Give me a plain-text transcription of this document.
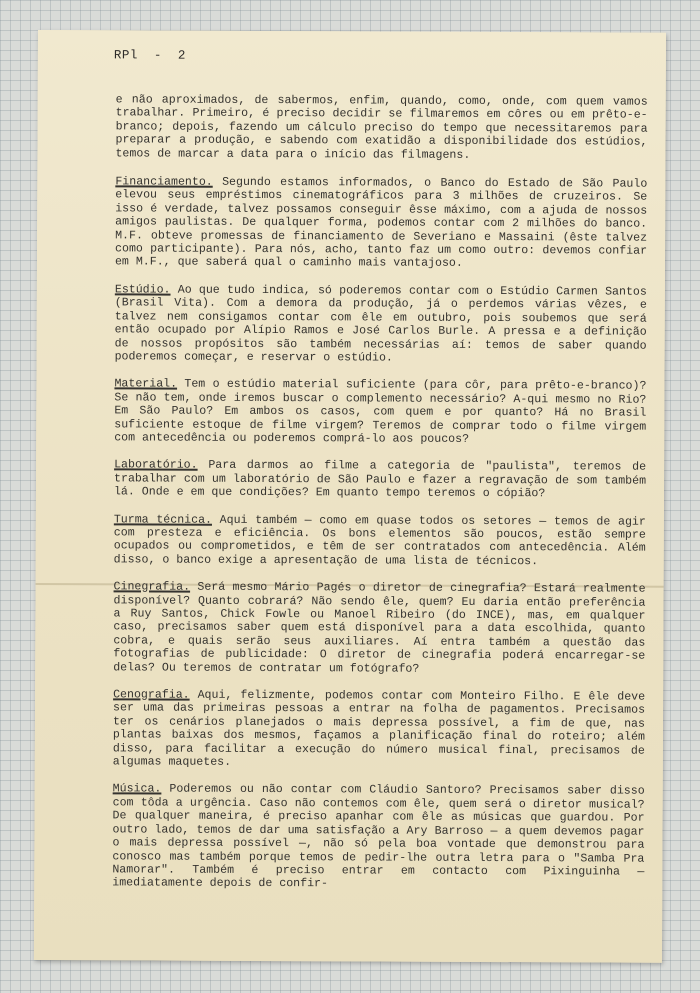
RPl  -  2

e não aproximados, de sabermos, enfim, quando, como, onde, com quem vamos trabalhar. Primeiro, é preciso decidir se filmaremos em côres ou em prêto-e-branco; depois, fazendo um cálculo preciso do tempo que necessitaremos para preparar a produção, e sabendo com exatidão a disponibilidade dos estúdios, temos de marcar a data para o início das filmagens.

Financiamento. Segundo estamos informados, o Banco do Estado de São Paulo elevou seus empréstimos cinematográficos para 3 milhões de cruzeiros. Se isso é verdade, talvez possamos conseguir êsse máximo, com a ajuda de nossos amigos paulistas. De qualquer forma, podemos contar com 2 milhões do banco. M.F. obteve promessas de financiamento de Severiano e Massaini (êste talvez como participante). Para nós, acho, tanto faz um como outro: devemos confiar em M.F., que saberá qual o caminho mais vantajoso.

Estúdio. Ao que tudo indica, só poderemos contar com o Estúdio Carmen Santos (Brasil Vita). Com a demora da produção, já o perdemos várias vêzes, e talvez nem consigamos contar com êle em outubro, pois soubemos que será então ocupado por Alípio Ramos e José Carlos Burle. A pressa e a definição de nossos propósitos são também necessárias aí: temos de saber quando poderemos começar, e reservar o estúdio.

Material. Tem o estúdio material suficiente (para côr, para prêto-e-branco)? Se não tem, onde iremos buscar o complemento necessário? A-qui mesmo no Rio? Em São Paulo? Em ambos os casos, com quem e por quanto? Há no Brasil suficiente estoque de filme virgem? Teremos de comprar todo o filme virgem com antecedência ou poderemos comprá-lo aos poucos?

Laboratório. Para darmos ao filme a categoria de "paulista", teremos de trabalhar com um laboratório de São Paulo e fazer a regravação de som também lá. Onde e em que condições? Em quanto tempo teremos o cópião?

Turma técnica. Aqui também — como em quase todos os setores — temos de agir com presteza e eficiência. Os bons elementos são poucos, estão sempre ocupados ou comprometidos, e têm de ser contratados com antecedência. Além disso, o banco exige a apresentação de uma lista de técnicos.

Cinegrafia. Será mesmo Mário Pagés o diretor de cinegrafia? Estará realmente disponível? Quanto cobrará? Não sendo êle, quem? Eu daria então preferência a Ruy Santos, Chick Fowle ou Manoel Ribeiro (do INCE), mas, em qualquer caso, precisamos saber quem está disponível para a data escolhida, quanto cobra, e quais serão seus auxiliares. Aí entra também a questão das fotografias de publicidade: O diretor de cinegrafia poderá encarregar-se delas? Ou teremos de contratar um fotógrafo?

Cenografia. Aqui, felizmente, podemos contar com Monteiro Filho. E êle deve ser uma das primeiras pessoas a entrar na folha de pagamentos. Precisamos ter os cenários planejados o mais depressa possível, a fim de que, nas plantas baixas dos mesmos, façamos a planificação final do roteiro; além disso, para facilitar a execução do número musical final, precisamos de algumas maquetes.

Música. Poderemos ou não contar com Cláudio Santoro? Precisamos saber disso com tôda a urgência. Caso não contemos com êle, quem será o diretor musical? De qualquer maneira, é preciso apanhar com êle as músicas que guardou. Por outro lado, temos de dar uma satisfação a Ary Barroso — a quem devemos pagar o mais depressa possível —, não só pela boa vontade que demonstrou para conosco mas também porque temos de pedir-lhe outra letra para o "Samba Pra Namorar". Também é preciso entrar em contacto com Pixinguinha — imediatamente depois de confir-
